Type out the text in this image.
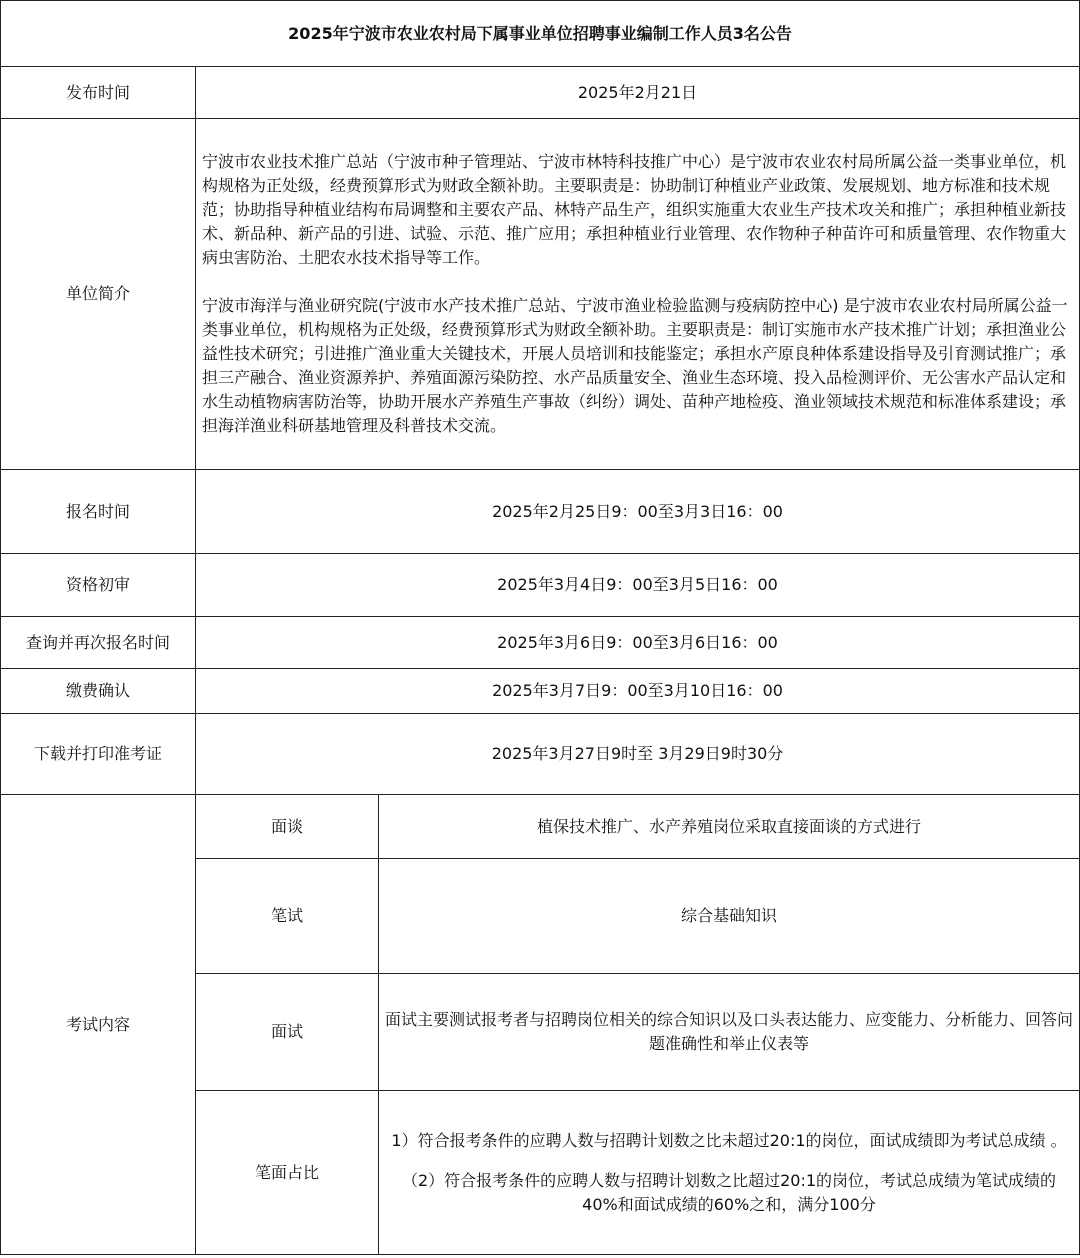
2025年宁波市农业农村局下属事业单位招聘事业编制工作人员3名公告		
发布时间	2025年2月21日	
单位简介	宁波市农业技术推广总站（宁波市种子管理站、宁波市林特科技推广中心）是宁波市农业农村局所属公益一类事业单位，机构规格为正处级，经费预算形式为财政全额补助。主要职责是：协助制订种植业产业政策、发展规划、地方标准和技术规范；协助指导种植业结构布局调整和主要农产品、林特产品生产，组织实施重大农业生产技术攻关和推广；承担种植业新技术、新品种、新产品的引进、试验、示范、推广应用；承担种植业行业管理、农作物种子种苗许可和质量管理、农作物重大病虫害防治、土肥农水技术指导等工作。

宁波市海洋与渔业研究院(宁波市水产技术推广总站、宁波市渔业检验监测与疫病防控中心) 是宁波市农业农村局所属公益一类事业单位，机构规格为正处级，经费预算形式为财政全额补助。主要职责是：制订实施市水产技术推广计划；承担渔业公益性技术研究；引进推广渔业重大关键技术，开展人员培训和技能鉴定；承担水产原良种体系建设指导及引育测试推广；承担三产融合、渔业资源养护、养殖面源污染防控、水产品质量安全、渔业生态环境、投入品检测评价、无公害水产品认定和水生动植物病害防治等，协助开展水产养殖生产事故（纠纷）调处、苗种产地检疫、渔业领域技术规范和标准体系建设；承担海洋渔业科研基地管理及科普技术交流。	

报名时间	2025年2月25日9：00至3月3日16：00	
资格初审	2025年3月4日9：00至3月5日16：00	
查询并再次报名时间	2025年3月6日9：00至3月6日16：00	
缴费确认	2025年3月7日9：00至3月10日16：00	
下载并打印准考证	2025年3月27日9时至 3月29日9时30分	
考试内容	面谈	植保技术推广、水产养殖岗位采取直接面谈的方式进行
	笔试	综合基础知识
	面试	面试主要测试报考者与招聘岗位相关的综合知识以及口头表达能力、应变能力、分析能力、回答问题准确性和举止仪表等
	笔面占比	1）符合报考条件的应聘人数与招聘计划数之比未超过20:1的岗位，面试成绩即为考试总成绩 。

（2）符合报考条件的应聘人数与招聘计划数之比超过20:1的岗位，考试总成绩为笔试成绩的40%和面试成绩的60%之和，满分100分
